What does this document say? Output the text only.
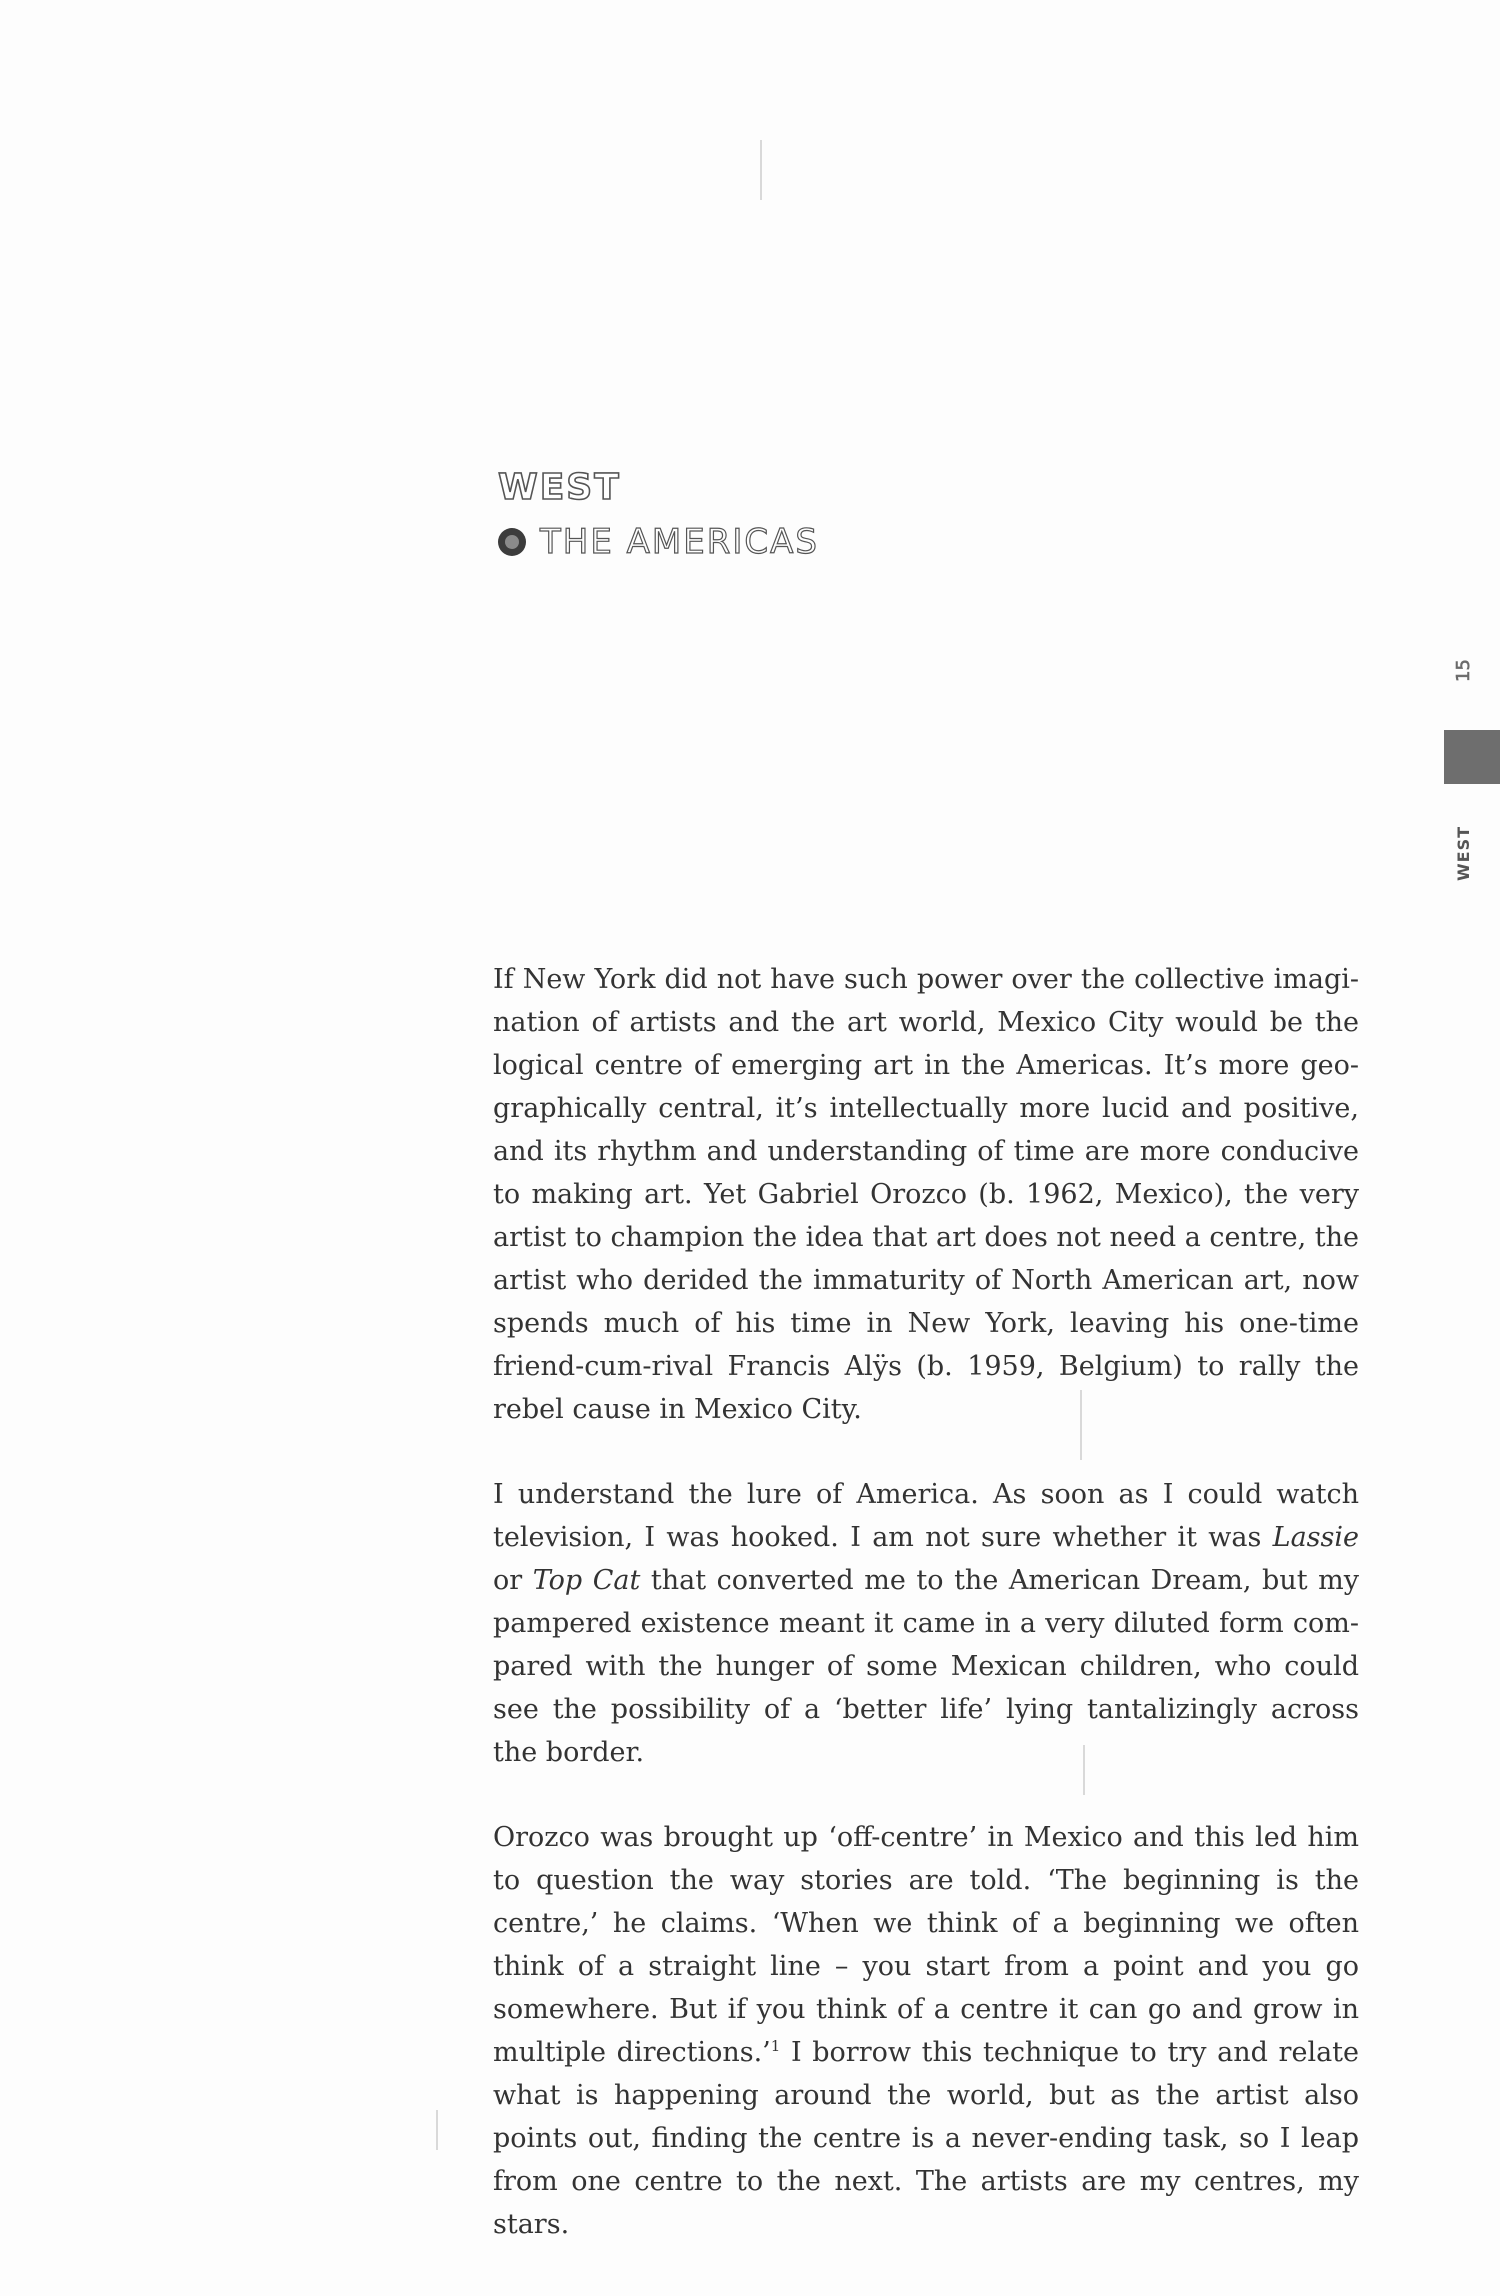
WEST
THE AMERICAS
15
WEST

If New York did not have such power over the collective imagination of artists and the art world, Mexico City would be the logical centre of emerging art in the Americas. It’s more geographically central, it’s intellectually more lucid and positive, and its rhythm and understanding of time are more conducive to making art. Yet Gabriel Orozco (b. 1962, Mexico), the very artist to champion the idea that art does not need a centre, the artist who derided the immaturity of North American art, now spends much of his time in New York, leaving his one-time friend-cum-rival Francis Alÿs (b. 1959, Belgium) to rally the rebel cause in Mexico City.

I understand the lure of America. As soon as I could watch television, I was hooked. I am not sure whether it was Lassie or Top Cat that converted me to the American Dream, but my pampered existence meant it came in a very diluted form compared with the hunger of some Mexican children, who could see the possibility of a ‘better life’ lying tantalizingly across the border.

Orozco was brought up ‘off-centre’ in Mexico and this led him to question the way stories are told. ‘The beginning is the centre,’ he claims. ‘When we think of a beginning we often think of a straight line – you start from a point and you go somewhere. But if you think of a centre it can go and grow in multiple directions.’$^1$ I borrow this technique to try and relate what is happening around the world, but as the artist also points out, finding the centre is a never-ending task, so I leap from one centre to the next. The artists are my centres, my stars.
